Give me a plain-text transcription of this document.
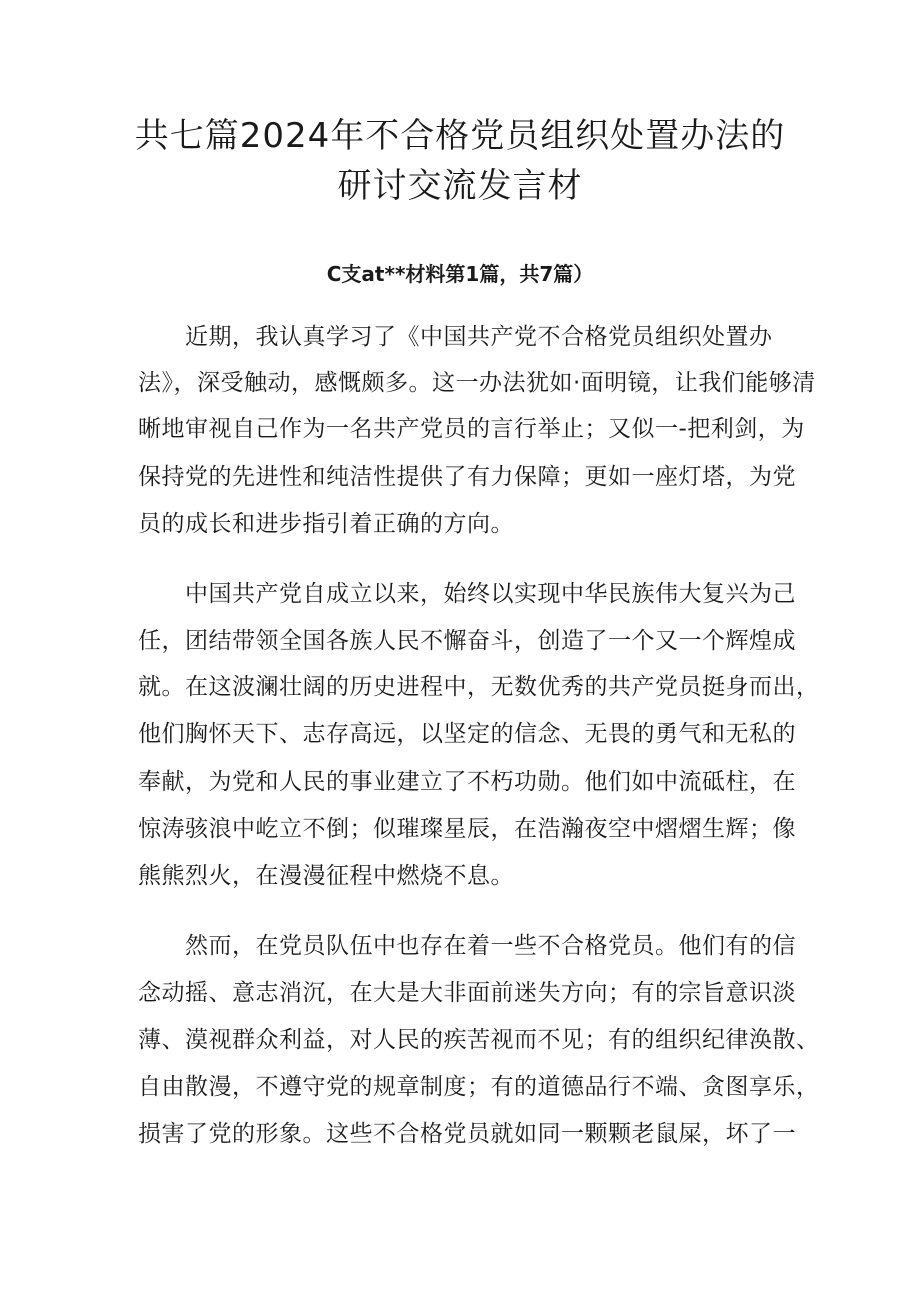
共七篇2024年不合格党员组织处置办法的
研讨交流发言材

C支at**材料第1篇，共7篇）

近期，我认真学习了《中国共产党不合格党员组织处置办

法》，深受触动，感慨颇多。这一办法犹如·面明镜，让我们能够清

晰地审视自己作为一名共产党员的言行举止；又似一-把利剑，为

保持党的先进性和纯洁性提供了有力保障；更如一座灯塔，为党

员的成长和进步指引着正确的方向。

中国共产党自成立以来，始终以实现中华民族伟大复兴为己

任，团结带领全国各族人民不懈奋斗，创造了一个又一个辉煌成

就。在这波澜壮阔的历史进程中，无数优秀的共产党员挺身而出，

他们胸怀天下、志存高远，以坚定的信念、无畏的勇气和无私的

奉献，为党和人民的事业建立了不朽功勋。他们如中流砥柱，在

惊涛骇浪中屹立不倒；似璀璨星辰，在浩瀚夜空中熠熠生辉；像

熊熊烈火，在漫漫征程中燃烧不息。

然而，在党员队伍中也存在着一些不合格党员。他们有的信

念动摇、意志消沉，在大是大非面前迷失方向；有的宗旨意识淡

薄、漠视群众利益，对人民的疾苦视而不见；有的组织纪律涣散、

自由散漫，不遵守党的规章制度；有的道德品行不端、贪图享乐，

损害了党的形象。这些不合格党员就如同一颗颗老鼠屎，坏了一
